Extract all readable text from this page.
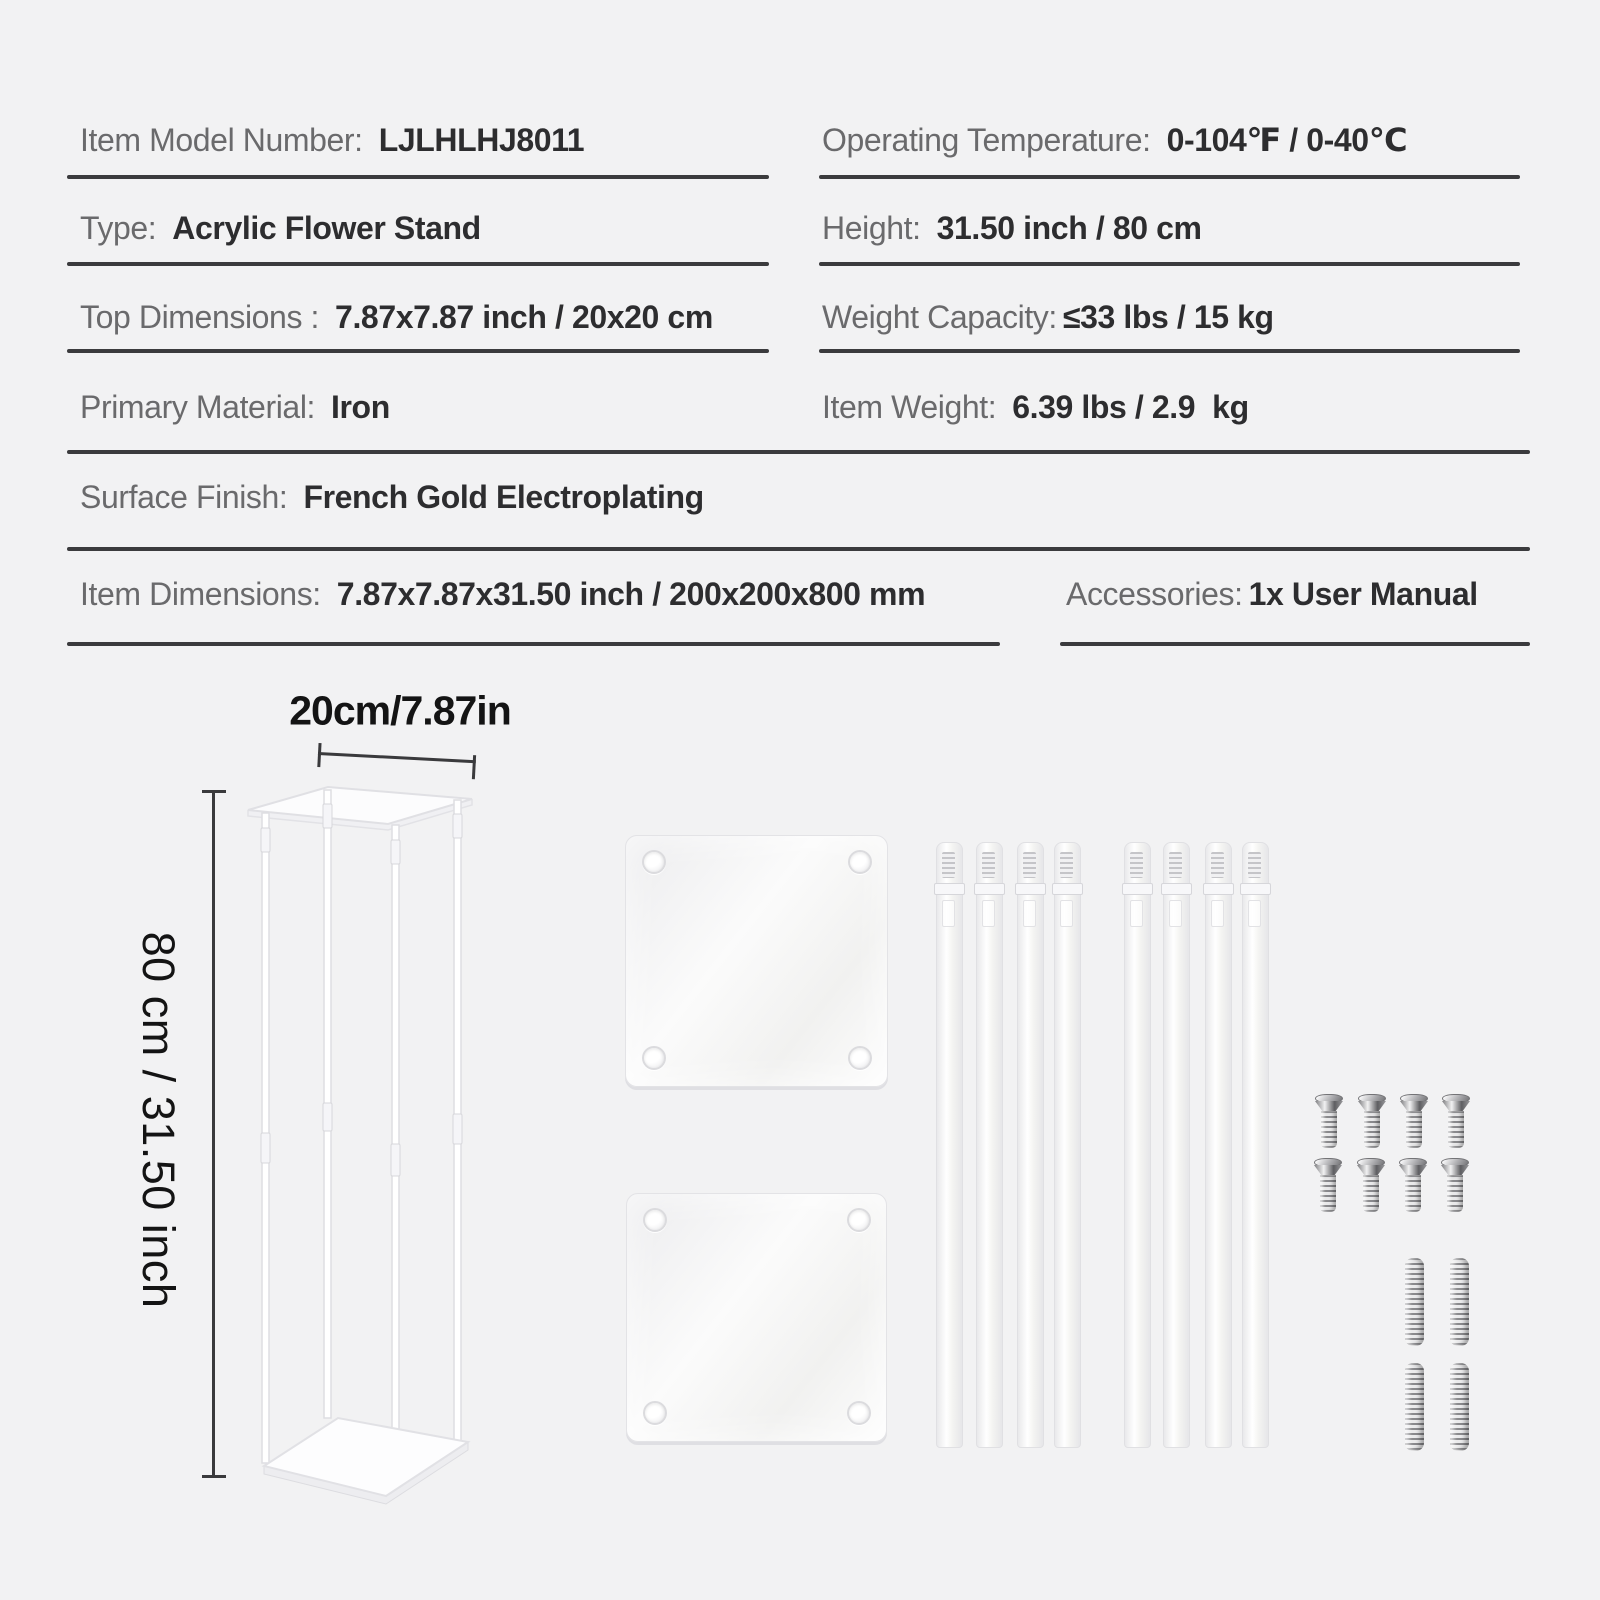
Item Model Number: LJLHLHJ8011	Operating Temperature: 0-104℉ / 0-40℃
Type: Acrylic Flower Stand	Height: 31.50 inch / 80 cm
Top Dimensions : 7.87x7.87 inch / 20x20 cm	Weight Capacity: ≤33 lbs / 15 kg
Primary Material: Iron	Item Weight: 6.39 lbs / 2.9  kg
Surface Finish: French Gold Electroplating
Item Dimensions: 7.87x7.87x31.50 inch / 200x200x800 mm	Accessories: 1x User Manual
20cm/7.87in
80 cm / 31.50 inch
